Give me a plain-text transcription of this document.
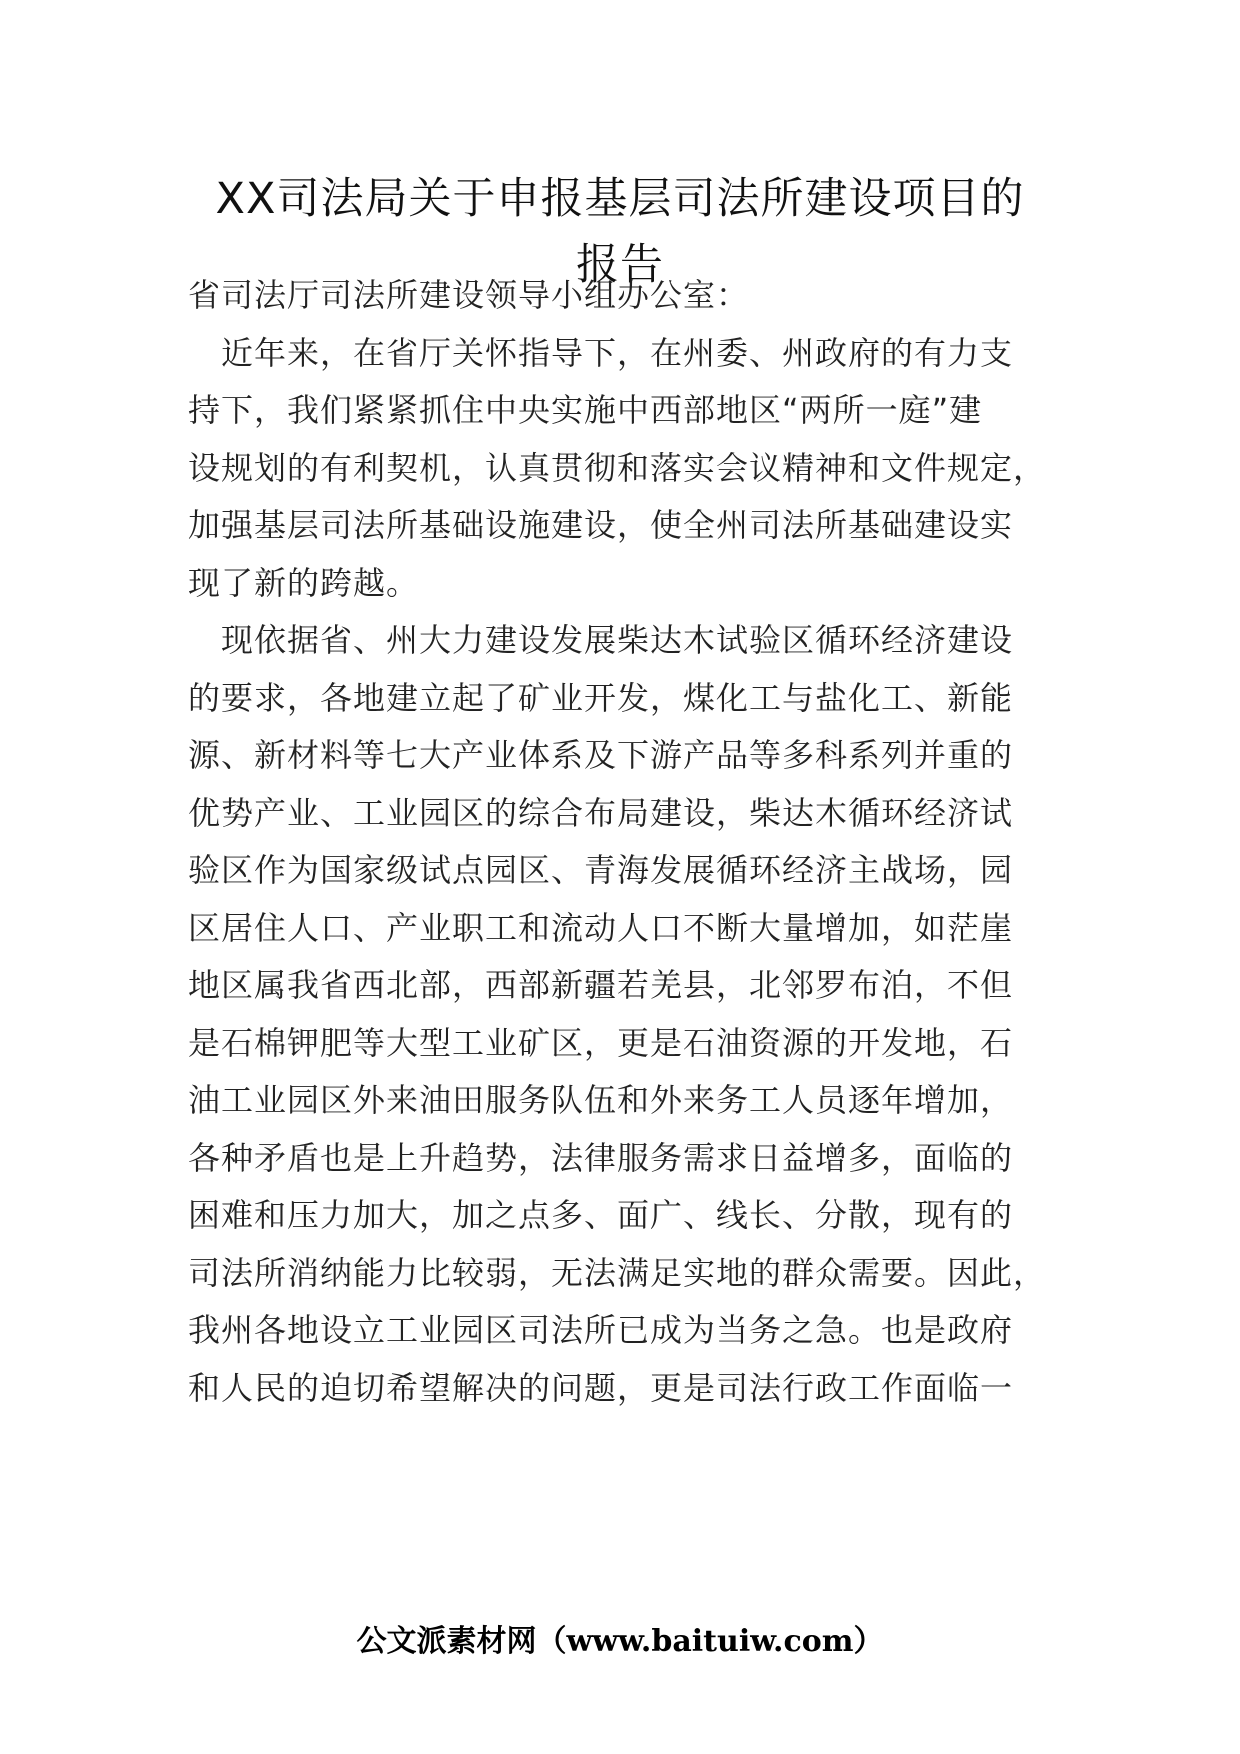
XX司法局关于申报基层司法所建设项目的
报告
省司法厅司法所建设领导小组办公室：
　近年来，在省厅关怀指导下，在州委、州政府的有力支
持下，我们紧紧抓住中央实施中西部地区“两所一庭”建
设规划的有利契机，认真贯彻和落实会议精神和文件规定，
加强基层司法所基础设施建设，使全州司法所基础建设实
现了新的跨越。
　现依据省、州大力建设发展柴达木试验区循环经济建设
的要求，各地建立起了矿业开发，煤化工与盐化工、新能
源、新材料等七大产业体系及下游产品等多科系列并重的
优势产业、工业园区的综合布局建设，柴达木循环经济试
验区作为国家级试点园区、青海发展循环经济主战场，园
区居住人口、产业职工和流动人口不断大量增加，如茫崖
地区属我省西北部，西部新疆若羌县，北邻罗布泊，不但
是石棉钾肥等大型工业矿区，更是石油资源的开发地，石
油工业园区外来油田服务队伍和外来务工人员逐年增加，
各种矛盾也是上升趋势，法律服务需求日益增多，面临的
困难和压力加大，加之点多、面广、线长、分散，现有的
司法所消纳能力比较弱，无法满足实地的群众需要。因此，
我州各地设立工业园区司法所已成为当务之急。也是政府
和人民的迫切希望解决的问题，更是司法行政工作面临一
公文派素材网（www.baituiw.com）
